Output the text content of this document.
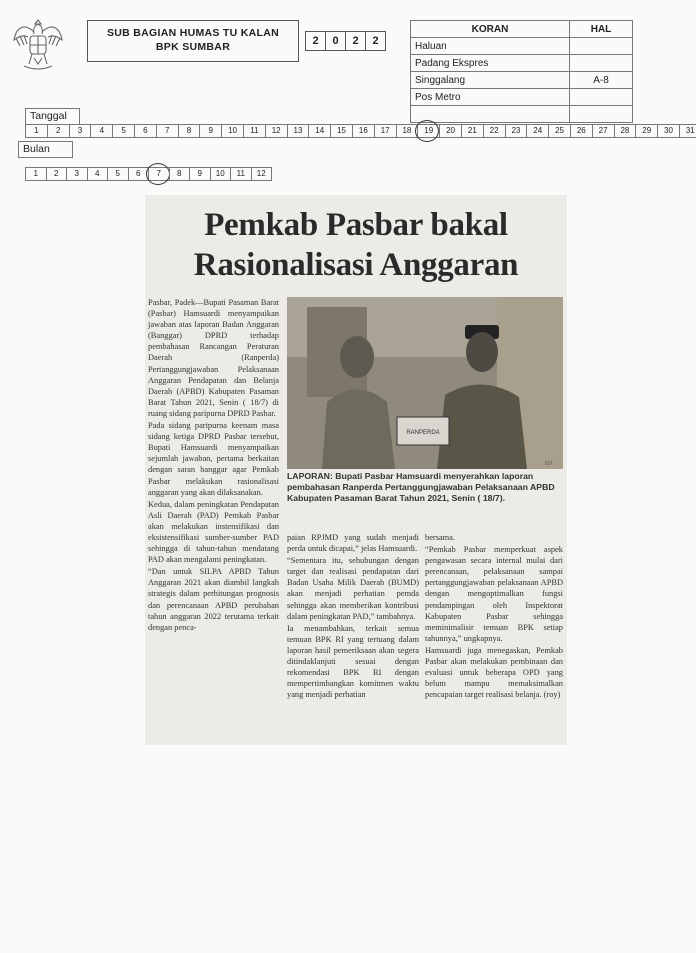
SUB BAGIAN HUMAS TU KALAN
BPK SUMBAR	2	0	2	2
KORAN	HAL
Haluan	
Padang Ekspres	
Singgalang	A-8
Pos Metro	

Tanggal
1	2	3	4	5	6	7	8	9	10	11	12	13	14	15	16	17	18	19	20	21	22	23	24	25	26	27	28	29	30	31
Bulan
1	2	3	4	5	6	7	8	9	10	11	12
Pemkab Pasbar bakal
Rasionalisasi Anggaran

Pasbar, Padek—Bupati Pasaman Barat (Pasbar) Hamsuardi menyampaikan jawaban atas laporan Badan Anggaran (Banggar) DPRD terhadap pembahasan Rancangan Peraturan Daerah (Ranperda) Pertanggungjawaban Pelaksanaan Anggaran Pendapatan dan Belanja Daerah (APBD) Kabupaten Pasaman Barat Tahun 2021, Senin ( 18/7) di ruang sidang paripurna DPRD Pasbar.

Pada sidang paripurna keenam masa sidang ketiga DPRD Pasbar tersebut, Bupati Hamsuardi menyampaikan sejumlah jawaban, pertama berkaitan dengan saran banggar agar Pemkab Pasbar melakukan rasionalisasi anggaran yang akan dilaksanakan.

Kedua, dalam peningkatan Pendapatan Asli Daerah (PAD) Pemkab Pasbar akan melakukan instensifikasi dan eksistensifikasi sumber-sumber PAD sehingga di tahun-tahun mendatang PAD akan mengalami peningkatan.

“Dan untuk SILPA APBD Tahun Anggaran 2021 akan diambil langkah strategis dalam perhitungan prognosis dan perencanaan APBD perubahan tahun anggaran 2022 terutama terkait dengan penca-

RANPERDA
IST
LAPORAN: Bupati Pasbar Hamsuardi menyerahkan laporan pembahasan Ranperda Pertanggungjawaban Pelaksanaan APBD Kabupaten Pasaman Barat Tahun 2021, Senin ( 18/7).

paian RPJMD yang sudah menjadi perda untuk dicapai,” jelas Hamsuardi.

“Sementara itu, sehubungan dengan target dan realisasi pendapatan dari Badan Usaha Milik Daerah (BUMD) akan menjadi perhatian pemda sehingga akan memberikan kontribusi dalam peningkatan PAD,” tambahnya.

Ia menambahkan, terkait semua temuan BPK RI yang tertuang dalam laporan hasil pemeriksaan akan segera ditindaklanjuti sesuai dengan rekomendasi BPK RI dengan mempertimbangkan komitmen waktu yang menjadi perhatian

bersama.

“Pemkab Pasbar memperkuat aspek pengawasan secara internal mulai dari perencanaan, pelaksanaan sampai pertanggungjawaban pelaksanaan APBD dengan mengoptimalkan fungsi pendampingan oleh Inspektorat Kabupaten Pasbar sehingga meminimalisir temuan BPK setiap tahunnya,” ungkapnya.

Hamsuardi juga menegaskan, Pemkab Pasbar akan melakukan pembinaan dan evaluasi untuk beberapa OPD yang belum mampu memaksimalkan pencapaian target realisasi belanja. (roy)
